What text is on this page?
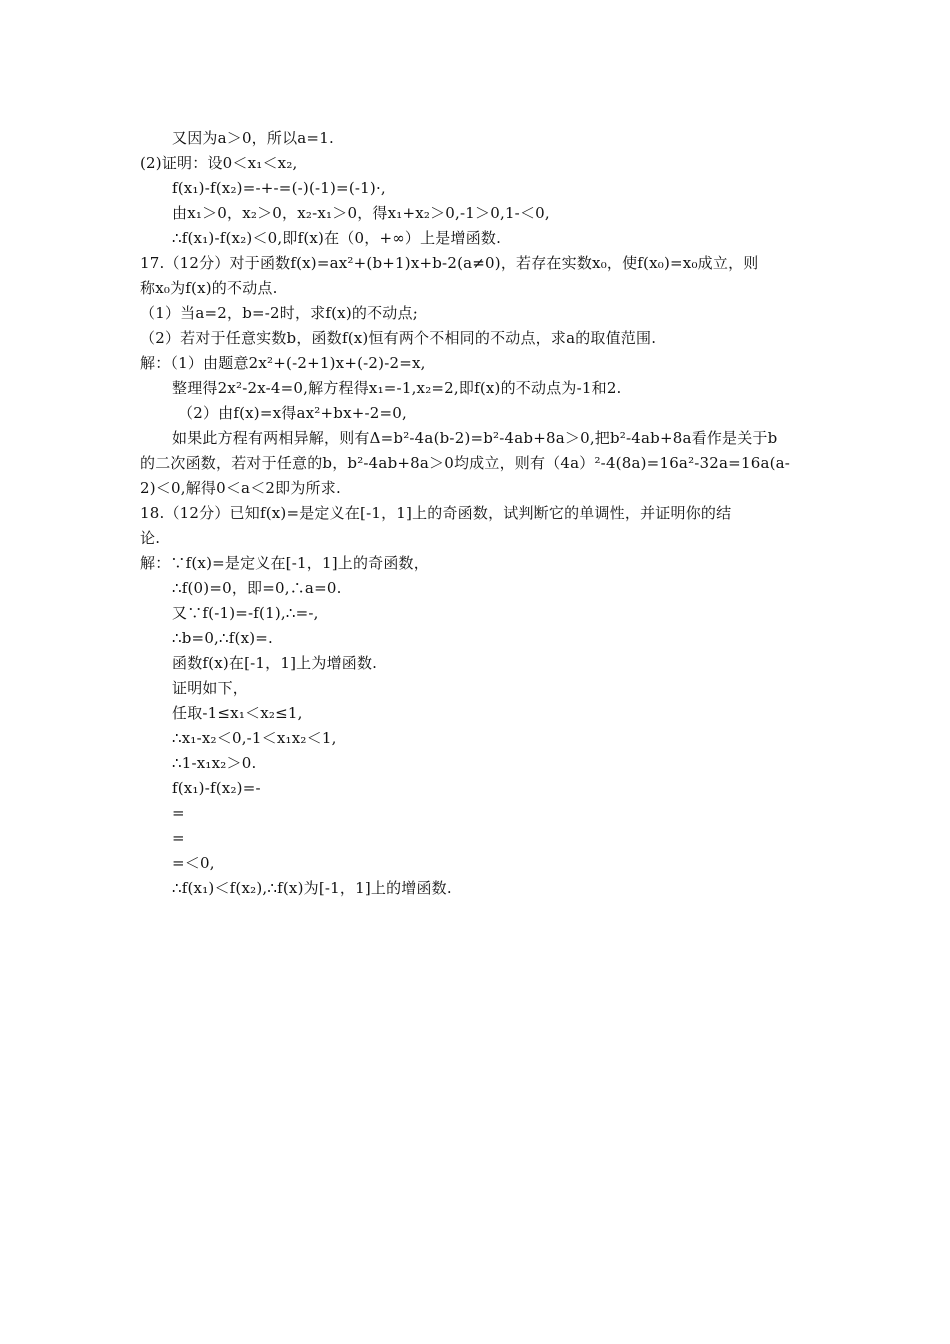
又因为a＞0，所以a=1.
(2)证明：设0＜x₁＜x₂,
f(x₁)-f(x₂)=-+-=(-)(-1)=(-1)·,
由x₁＞0，x₂＞0，x₂-x₁＞0，得x₁+x₂＞0,-1＞0,1-＜0,
∴f(x₁)-f(x₂)＜0,即f(x)在（0，+∞）上是增函数.
17.（12分）对于函数f(x)=ax²+(b+1)x+b-2(a≠0)，若存在实数x₀，使f(x₀)=x₀成立，则
称x₀为f(x)的不动点.
（1）当a=2，b=-2时，求f(x)的不动点;
（2）若对于任意实数b，函数f(x)恒有两个不相同的不动点，求a的取值范围.
解：（1）由题意2x²+(-2+1)x+(-2)-2=x,
整理得2x²-2x-4=0,解方程得x₁=-1,x₂=2,即f(x)的不动点为-1和2.
（2）由f(x)=x得ax²+bx+-2=0,
如果此方程有两相异解，则有Δ=b²-4a(b-2)=b²-4ab+8a＞0,把b²-4ab+8a看作是关于b
的二次函数，若对于任意的b，b²-4ab+8a＞0均成立，则有（4a）²-4(8a)=16a²-32a=16a(a-
2)＜0,解得0＜a＜2即为所求.
18.（12分）已知f(x)=是定义在[-1，1]上的奇函数，试判断它的单调性，并证明你的结
论.
解：∵f(x)=是定义在[-1，1]上的奇函数，
∴f(0)=0，即=0,∴a=0.
又∵f(-1)=-f(1),∴=-,
∴b=0,∴f(x)=.
函数f(x)在[-1，1]上为增函数.
证明如下，
任取-1≤x₁＜x₂≤1,
∴x₁-x₂＜0,-1＜x₁x₂＜1,
∴1-x₁x₂＞0.
f(x₁)-f(x₂)=-
=
=
=＜0,
∴f(x₁)＜f(x₂),∴f(x)为[-1，1]上的增函数.
